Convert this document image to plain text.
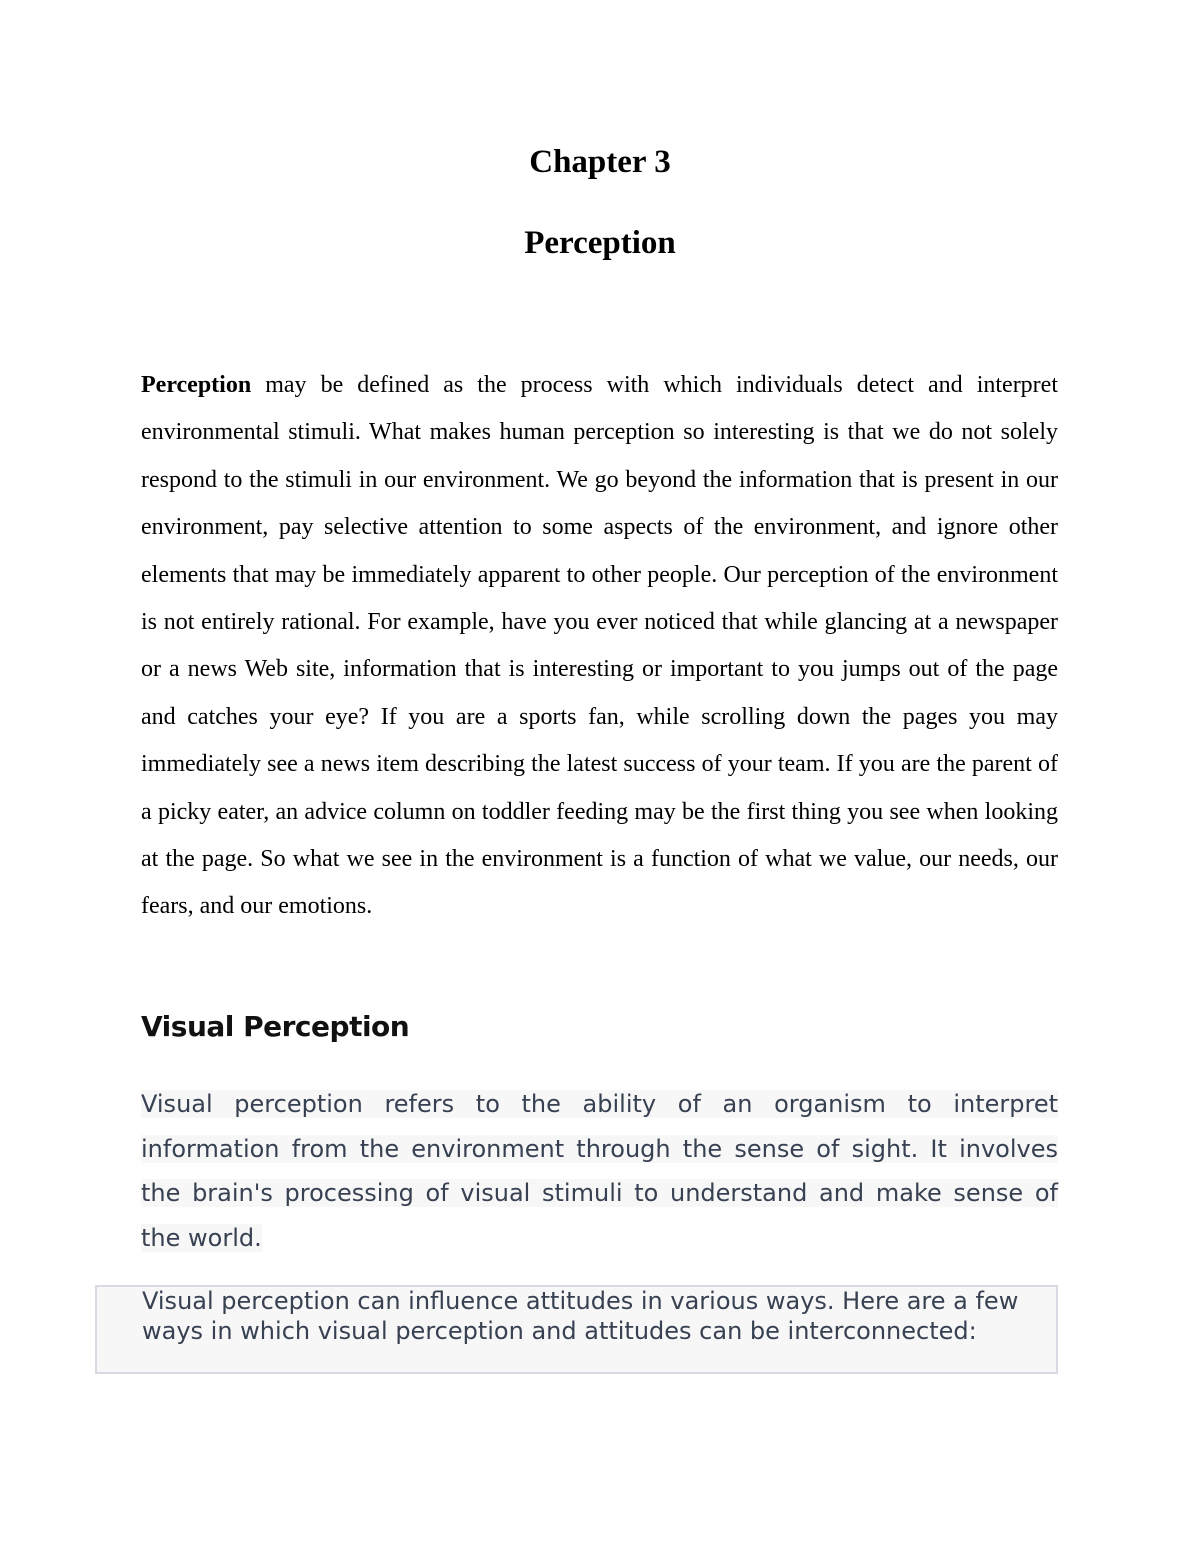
Chapter 3
Perception

Perception may be defined as the process with which individuals detect and interpret environmental stimuli. What makes human perception so interesting is that we do not solely respond to the stimuli in our environment. We go beyond the information that is present in our environment, pay selective attention to some aspects of the environment, and ignore other elements that may be immediately apparent to other people. Our perception of the environment is not entirely rational. For example, have you ever noticed that while glancing at a newspaper or a news Web site, information that is interesting or important to you jumps out of the page and catches your eye? If you are a sports fan, while scrolling down the pages you may immediately see a news item describing the latest success of your team. If you are the parent of a picky eater, an advice column on toddler feeding may be the first thing you see when looking at the page. So what we see in the environment is a function of what we value, our needs, our fears, and our emotions.

Visual Perception

Visual perception refers to the ability of an organism to interpret information from the environment through the sense of sight. It involves the brain's processing of visual stimuli to understand and make sense of the world.

Visual perception can influence attitudes in various ways. Here are a few ways in which visual perception and attitudes can be interconnected:
